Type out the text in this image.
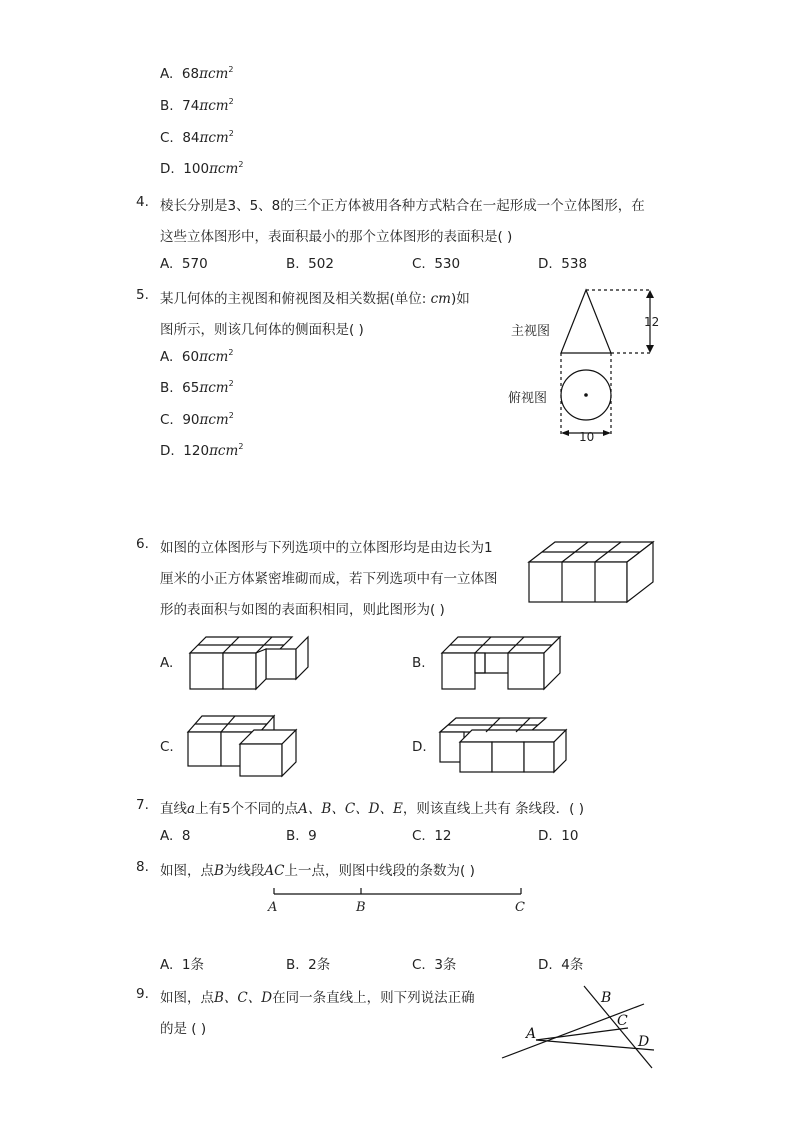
A. 68πcm$^2$
B. 74πcm$^2$
C. 84πcm$^2$
D. 100πcm$^2$
4. 棱长分别是3、5、8的三个正方体被用各种方式粘合在一起形成一个立体图形，在
这些立体图形中，表面积最小的那个立体图形的表面积是( )
A. 570	B. 502	C. 530	D. 538
5. 某几何体的主视图和俯视图及相关数据(单位: cm)如
图所示，则该几何体的侧面积是( )
A. 60πcm$^2$
B. 65πcm$^2$
C. 90πcm$^2$
D. 120πcm$^2$
主视图
俯视图
12
10
6. 如图的立体图形与下列选项中的立体图形均是由边长为1
厘米的小正方体紧密堆砌而成，若下列选项中有一立体图
形的表面积与如图的表面积相同，则此图形为( )
A.	B.
C.	D.
7. 直线a上有5个不同的点A、B、C、D、E，则该直线上共有 条线段．( )
A. 8	B. 9	C. 12	D. 10
8. 如图，点B为线段AC上一点，则图中线段的条数为( )
A	B	C
A. 1条	B. 2条	C. 3条	D. 4条
9. 如图，点B、C、D在同一条直线上，则下列说法正确
的是 ( )	A
B
C
D
